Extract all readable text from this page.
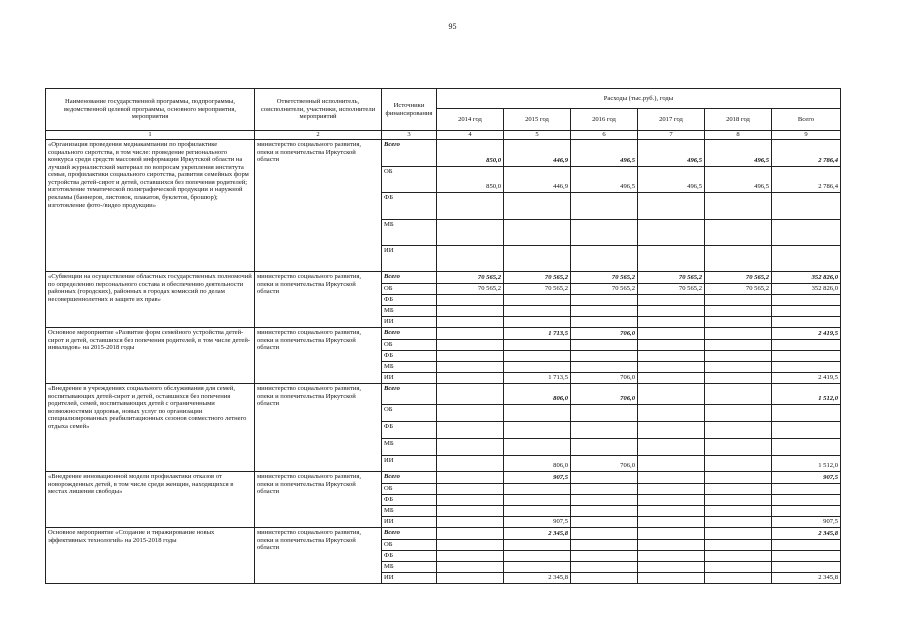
95
Наименование государственной программы, подпрограммы, ведомственной целевой программы, основного мероприятия, мероприятия	Ответственный исполнитель, соисполнители, участники, исполнители мероприятий	Источники финансирования	Расходы (тыс.руб.), годы					
			2014 год	2015 год	2016 год	2017 год	2018 год	Всего
1	2	3	4	5	6	7	8	9
«Организация проведения медиакампании по профилактике социального сиротства, в том числе: проведение регионального конкурса среди средств массовой информации Иркутской области на лучший журналистский материал по вопросам укрепления института семьи, профилактики социального сиротства, развития семейных форм устройства детей-сирот и детей, оставшихся без попечения родителей; изготовление тематической полиграфической продукции и наружной рекламы (баннеров, листовок, плакатов, буклетов, брошюр); изготовление фото-/видео продукции»	министерство социального развития, опеки и попечительства Иркутской области	Всего	850,0	446,9	496,5	496,5	496,5	2 786,4
		ОБ	850,0	446,9	496,5	496,5	496,5	2 786,4
		ФБ						
		МБ						
		ИИ						
«Субвенции на осуществление областных государственных полномочий по определению персонального состава и обеспечению деятельности районных (городских), районных в городах комиссий по делам несовершеннолетних и защите их прав»	министерство социального развития, опеки и попечительства Иркутской области	Всего	70 565,2	70 565,2	70 565,2	70 565,2	70 565,2	352 826,0
		ОБ	70 565,2	70 565,2	70 565,2	70 565,2	70 565,2	352 826,0
		ФБ						
		МБ						
		ИИ						
Основное мероприятие «Развитие форм семейного устройства детей-сирот и детей, оставшихся без попечения родителей, в том числе детей-инвалидов» на 2015-2018 годы	министерство социального развития, опеки и попечительства Иркутской области	Всего		1 713,5	706,0			2 419,5
		ОБ						
		ФБ						
		МБ						
		ИИ		1 713,5	706,0			2 419,5
«Внедрение в учреждениях социального обслуживания для семей, воспитывающих детей-сирот и детей, оставшихся без попечения родителей, семей, воспитывающих детей с ограниченными возможностями здоровья, новых услуг по организации специализированных реабилитационных сезонов совместного летнего отдыха семей»	министерство социального развития, опеки и попечительства Иркутской области	Всего		806,0	706,0			1 512,0
		ОБ						
		ФБ						
		МБ						
		ИИ		806,0	706,0			1 512,0
«Внедрение инновационной модели профилактики отказов от новорожденных детей, в том числе среди женщин, находящихся в местах лишения свободы»	министерство социального развития, опеки и попечительства Иркутской области	Всего		907,5				907,5
		ОБ						
		ФБ						
		МБ						
		ИИ		907,5				907,5
Основное мероприятие «Создание и тиражирование новых эффективных технологий» на 2015-2018 годы	министерство социального развития, опеки и попечительства Иркутской области	Всего		2 345,8				2 345,8
		ОБ						
		ФБ						
		МБ						
		ИИ		2 345,8				2 345,8
